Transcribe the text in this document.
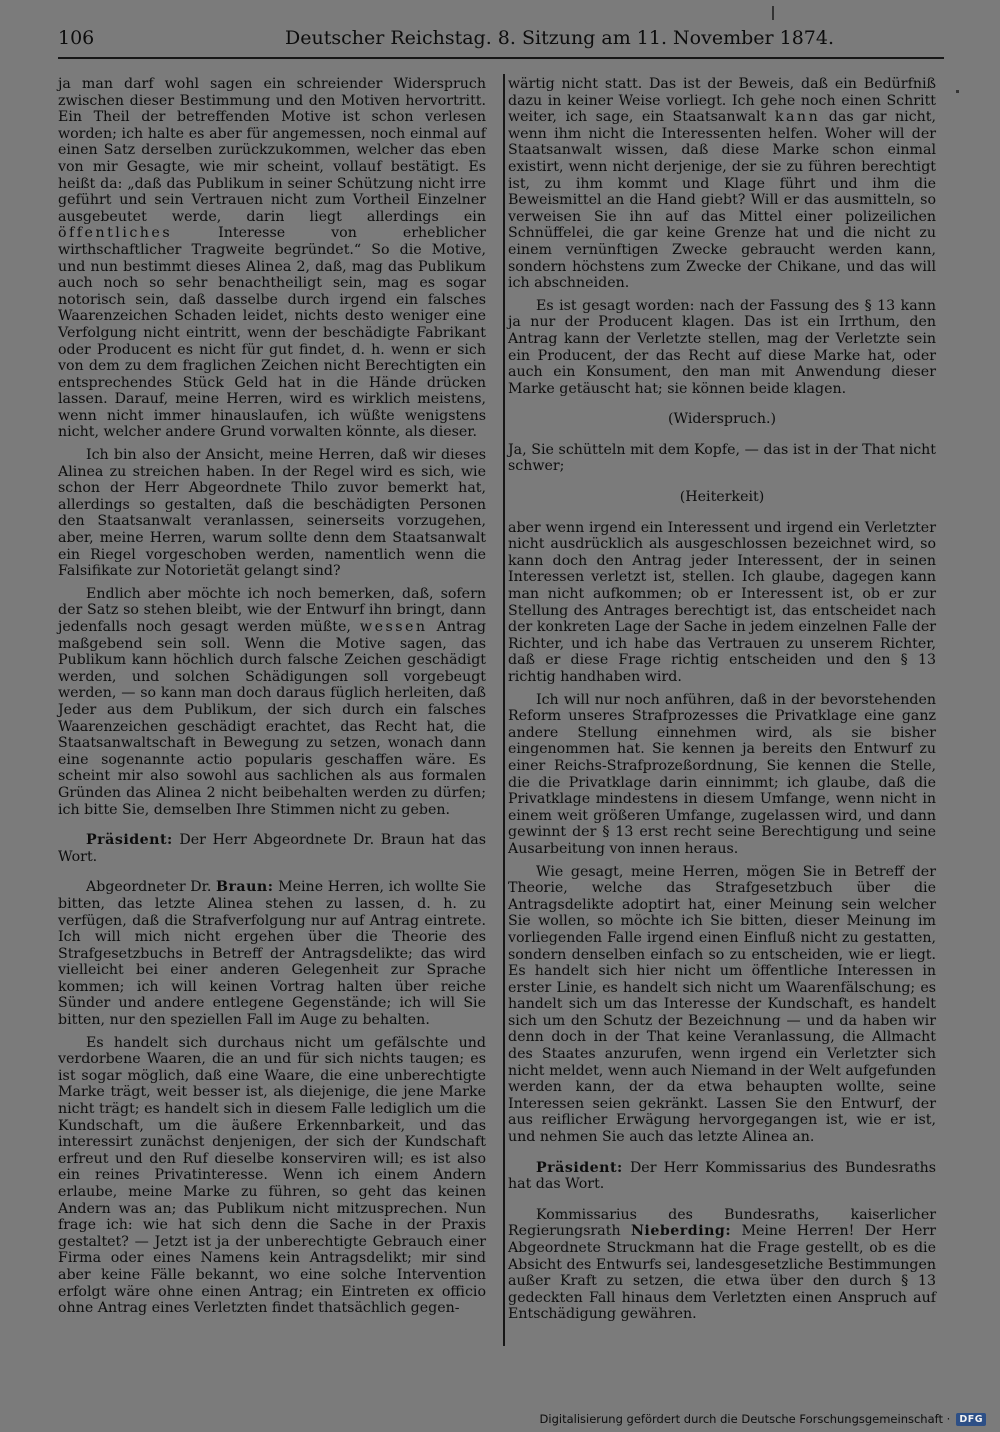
106	Deutscher Reichstag. 8. Sitzung am 11. November 1874.

ja man darf wohl sagen ein schreiender Widerspruch zwischen dieser Bestimmung und den Motiven hervortritt. Ein Theil der betreffenden Motive ist schon verlesen worden; ich halte es aber für angemessen, noch einmal auf einen Satz derselben zurückzukommen, welcher das eben von mir Gesagte, wie mir scheint, vollauf bestätigt. Es heißt da: „daß das Publikum in seiner Schützung nicht irre geführt und sein Vertrauen nicht zum Vortheil Einzelner ausgebeutet werde, darin liegt allerdings ein öffentliches	Interesse von erheblicher wirthschaftlicher Tragweite begründet.“ So die Motive, und nun bestimmt dieses Alinea 2, daß, mag das Publikum auch noch so sehr benachtheiligt sein, mag es sogar notorisch sein, daß dasselbe durch irgend ein falsches Waarenzeichen Schaden leidet, nichts desto weniger eine Verfolgung nicht eintritt, wenn der beschädigte Fabrikant oder Producent es nicht für gut findet, d. h. wenn er sich von dem zu dem fraglichen Zeichen nicht Berechtigten ein entsprechendes Stück Geld hat in die Hände drücken lassen. Darauf, meine Herren, wird es wirklich meistens, wenn nicht immer hinauslaufen, ich wüßte wenigstens nicht, welcher andere Grund vorwalten könnte, als dieser.

Ich bin also der Ansicht, meine Herren, daß wir dieses Alinea zu streichen haben. In der Regel wird es sich, wie schon der Herr Abgeordnete Thilo zuvor bemerkt hat, allerdings so gestalten, daß die beschädigten Personen den Staatsanwalt veranlassen, seinerseits vorzugehen, aber, meine Herren, warum sollte denn dem Staatsanwalt ein Riegel vorgeschoben werden, namentlich wenn die Falsifikate zur Notorietät gelangt sind?

Endlich aber möchte ich noch bemerken, daß, sofern der Satz so stehen bleibt, wie der Entwurf ihn bringt, dann jedenfalls noch gesagt werden müßte, wessen Antrag maßgebend sein soll. Wenn die Motive sagen, das Publikum kann höchlich durch falsche Zeichen geschädigt werden, und solchen Schädigungen soll vorgebeugt werden, — so kann man doch daraus füglich herleiten, daß Jeder aus dem Publikum, der sich durch ein falsches Waarenzeichen geschädigt erachtet, das Recht hat, die Staatsanwaltschaft in Bewegung zu setzen, wonach dann eine sogenannte actio popularis geschaffen wäre. Es scheint mir also sowohl aus sachlichen als aus formalen Gründen das Alinea 2 nicht beibehalten werden zu dürfen; ich bitte Sie, demselben Ihre Stimmen nicht zu geben.

Präsident: Der Herr Abgeordnete Dr. Braun hat das Wort.

Abgeordneter Dr. Braun: Meine Herren, ich wollte Sie bitten, das letzte Alinea stehen zu lassen, d. h. zu verfügen, daß die Strafverfolgung nur auf Antrag eintrete. Ich will mich nicht ergehen über die Theorie des Strafgesetzbuchs in Betreff der Antragsdelikte; das wird vielleicht bei einer anderen Gelegenheit zur Sprache kommen; ich will keinen Vortrag halten über reiche Sünder und andere entlegene Gegenstände; ich will Sie bitten, nur den speziellen Fall im Auge zu behalten.

Es handelt sich durchaus nicht um gefälschte und verdorbene Waaren, die an und für sich nichts taugen; es ist sogar möglich, daß eine Waare, die eine unberechtigte Marke trägt, weit besser ist, als diejenige, die jene Marke nicht trägt; es handelt sich in diesem Falle lediglich um die Kundschaft, um die äußere Erkennbarkeit, und das interessirt zunächst denjenigen, der sich der Kundschaft erfreut und den Ruf dieselbe konserviren will; es ist also ein reines Privatinteresse. Wenn ich einem Andern erlaube, meine Marke zu führen, so geht das keinen Andern was an; das Publikum nicht mitzusprechen. Nun frage ich: wie hat sich denn die Sache in der Praxis gestaltet? — Jetzt ist ja der unberechtigte Gebrauch einer Firma oder eines Namens kein Antragsdelikt; mir sind aber keine Fälle bekannt, wo eine solche Intervention erfolgt wäre ohne einen Antrag; ein Eintreten ex officio ohne Antrag eines Verletzten findet thatsächlich gegen-

wärtig nicht statt. Das ist der Beweis, daß ein Bedürfniß dazu in keiner Weise vorliegt. Ich gehe noch einen Schritt weiter, ich sage, ein Staatsanwalt kann das gar nicht, wenn ihm nicht die Interessenten helfen. Woher will der Staatsanwalt wissen, daß diese Marke schon einmal existirt, wenn nicht derjenige, der sie zu führen berechtigt ist, zu ihm kommt und Klage führt und ihm die Beweismittel an die Hand giebt? Will er das ausmitteln, so verweisen Sie ihn auf das Mittel einer polizeilichen Schnüffelei, die gar keine Grenze hat und die nicht zu einem vernünftigen Zwecke gebraucht werden kann, sondern höchstens zum Zwecke der Chikane, und das will ich abschneiden.

Es ist gesagt worden: nach der Fassung des § 13 kann ja nur der Producent klagen. Das ist ein Irrthum, den Antrag kann der Verletzte stellen, mag der Verletzte sein ein Producent, der das Recht auf diese Marke hat, oder auch ein Konsument, den man mit Anwendung dieser Marke getäuscht hat; sie können beide klagen.

(Widerspruch.)

Ja, Sie schütteln mit dem Kopfe, — das ist in der That nicht schwer;

(Heiterkeit)

aber wenn irgend ein Interessent und irgend ein Verletzter nicht ausdrücklich als ausgeschlossen bezeichnet wird, so kann doch den Antrag jeder Interessent, der in seinen Interessen verletzt ist, stellen. Ich glaube, dagegen kann man nicht aufkommen; ob er Interessent ist, ob er zur Stellung des Antrages berechtigt ist, das entscheidet nach der konkreten Lage der Sache in jedem einzelnen Falle der Richter, und ich habe das Vertrauen zu unserem Richter, daß er diese Frage richtig entscheiden und den § 13 richtig handhaben wird.

Ich will nur noch anführen, daß in der bevorstehenden Reform unseres Strafprozesses die Privatklage eine ganz andere Stellung einnehmen wird, als sie bisher eingenommen hat. Sie kennen ja bereits den Entwurf zu einer Reichs-Strafprozeßordnung, Sie kennen die Stelle, die die Privatklage darin einnimmt; ich glaube, daß die Privatklage mindestens in diesem Umfange, wenn nicht in einem weit größeren Umfange, zugelassen wird, und dann gewinnt der § 13 erst recht seine Berechtigung und seine Ausarbeitung von innen heraus.

Wie gesagt, meine Herren, mögen Sie in Betreff der Theorie, welche das Strafgesetzbuch über die Antragsdelikte adoptirt hat, einer Meinung sein welcher Sie wollen, so möchte ich Sie bitten, dieser Meinung im vorliegenden Falle irgend einen Einfluß nicht zu gestatten, sondern denselben einfach so zu entscheiden, wie er liegt. Es handelt sich hier nicht um öffentliche Interessen in erster Linie, es handelt sich nicht um Waarenfälschung; es handelt sich um das Interesse der Kundschaft, es handelt sich um den Schutz der Bezeichnung — und da haben wir denn doch in der That keine Veranlassung, die Allmacht des Staates anzurufen, wenn irgend ein Verletzter sich nicht meldet, wenn auch Niemand in der Welt aufgefunden werden kann, der da etwa behaupten wollte, seine Interessen seien gekränkt. Lassen Sie den Entwurf, der aus reiflicher Erwägung hervorgegangen ist, wie er ist, und nehmen Sie auch das letzte Alinea an.

Präsident: Der Herr Kommissarius des Bundesraths hat das Wort.

Kommissarius des Bundesraths, kaiserlicher Regierungsrath Nieberding: Meine Herren! Der Herr Abgeordnete Struckmann hat die Frage gestellt, ob es die Absicht des Entwurfs sei, landesgesetzliche Bestimmungen außer Kraft zu setzen, die etwa über den durch § 13 gedeckten Fall hinaus dem Verletzten einen Anspruch auf Entschädigung gewähren.

Digitalisierung gefördert durch die Deutsche Forschungsgemeinschaft · DFG
